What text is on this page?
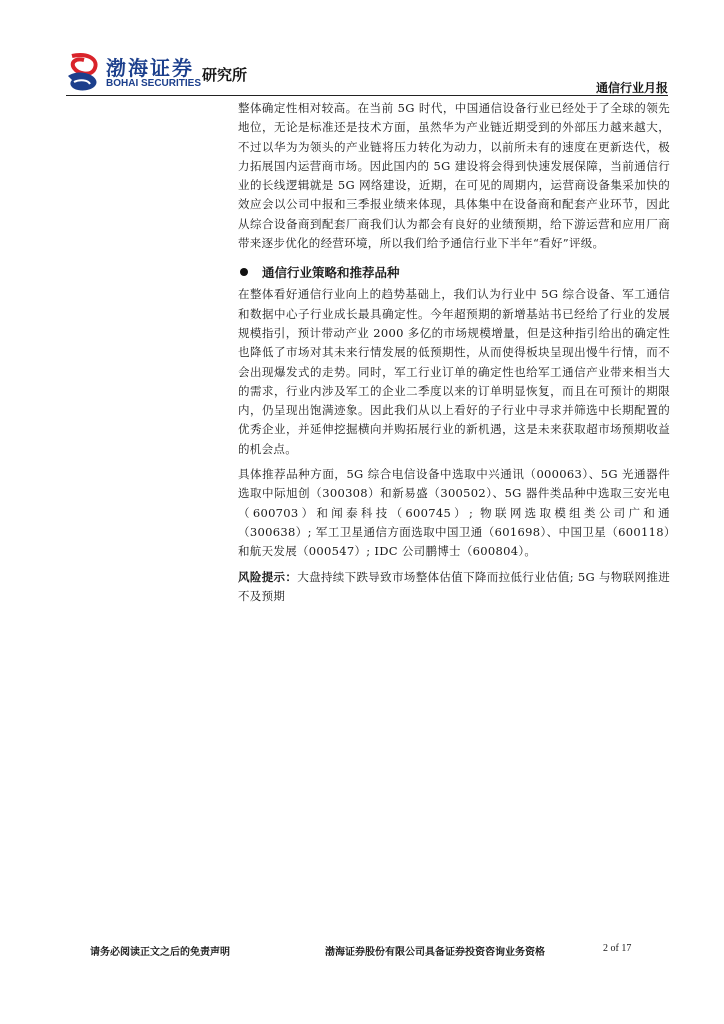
渤海证券
BOHAI SECURITIES 研究所
通信行业月报

整体确定性相对较高。在当前 5G 时代，中国通信设备行业已经处于了全球的领先地位，无论是标准还是技术方面，虽然华为产业链近期受到的外部压力越来越大，不过以华为为领头的产业链将压力转化为动力，以前所未有的速度在更新迭代，极力拓展国内运营商市场。因此国内的 5G 建设将会得到快速发展保障，当前通信行业的长线逻辑就是 5G 网络建设，近期，在可见的周期内，运营商设备集采加快的效应会以公司中报和三季报业绩来体现，具体集中在设备商和配套产业环节，因此从综合设备商到配套厂商我们认为都会有良好的业绩预期，给下游运营和应用厂商带来逐步优化的经营环境，所以我们给予通信行业下半年“看好”评级。

通信行业策略和推荐品种

在整体看好通信行业向上的趋势基础上，我们认为行业中 5G 综合设备、军工通信和数据中心子行业成长最具确定性。今年超预期的新增基站书已经给了行业的发展规模指引，预计带动产业 2000 多亿的市场规模增量，但是这种指引给出的确定性也降低了市场对其未来行情发展的低预期性，从而使得板块呈现出慢牛行情，而不会出现爆发式的走势。同时，军工行业订单的确定性也给军工通信产业带来相当大的需求，行业内涉及军工的企业二季度以来的订单明显恢复，而且在可预计的期限内，仍呈现出饱满迹象。因此我们从以上看好的子行业中寻求并筛选中长期配置的优秀企业，并延伸挖掘横向并购拓展行业的新机遇，这是未来获取超市场预期收益的机会点。

具体推荐品种方面，5G 综合电信设备中选取中兴通讯（000063）、5G 光通器件选取中际旭创（300308）和新易盛（300502）、5G 器件类品种中选取三安光电（600703）和闻泰科技（600745）; 物联网选取模组类公司广和通（300638）; 军工卫星通信方面选取中国卫通（601698）、中国卫星（600118）和航天发展（000547）; IDC 公司鹏博士（600804）。

风险提示：大盘持续下跌导致市场整体估值下降而拉低行业估值; 5G 与物联网推进不及预期

请务必阅读正文之后的免责声明	渤海证券股份有限公司具备证券投资咨询业务资格	2 of 17
